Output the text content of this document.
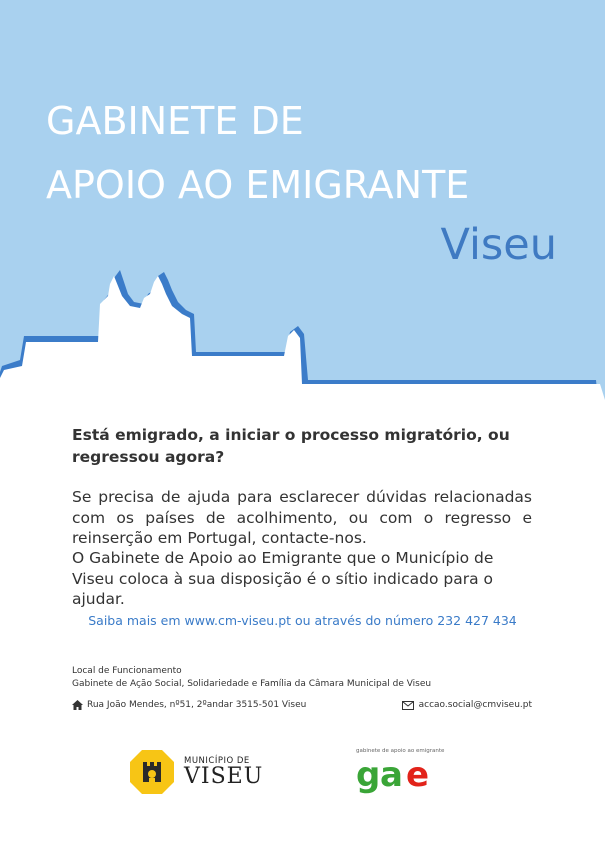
GABINETE DE
APOIO AO EMIGRANTE
Viseu
Está emigrado, a iniciar o processo migratório, ou regressou agora?
Se precisa de ajuda para esclarecer dúvidas relacionadas com os países de acolhimento, ou com o regresso e reinserção em Portugal, contacte-nos.
O Gabinete de Apoio ao Emigrante que o Município de Viseu coloca à sua disposição é o sítio indicado para o ajudar.
Saiba mais em www.cm-viseu.pt ou através do número 232 427 434
Local de Funcionamento
Gabinete de Ação Social, Solidariedade e Família da Câmara Municipal de Viseu
Rua João Mendes, nº51, 2ºandar 3515-501 Viseu	accao.social@cmviseu.pt
MUNICÍPIO DE
VISEU
gabinete de apoio ao emigrante
g a e
